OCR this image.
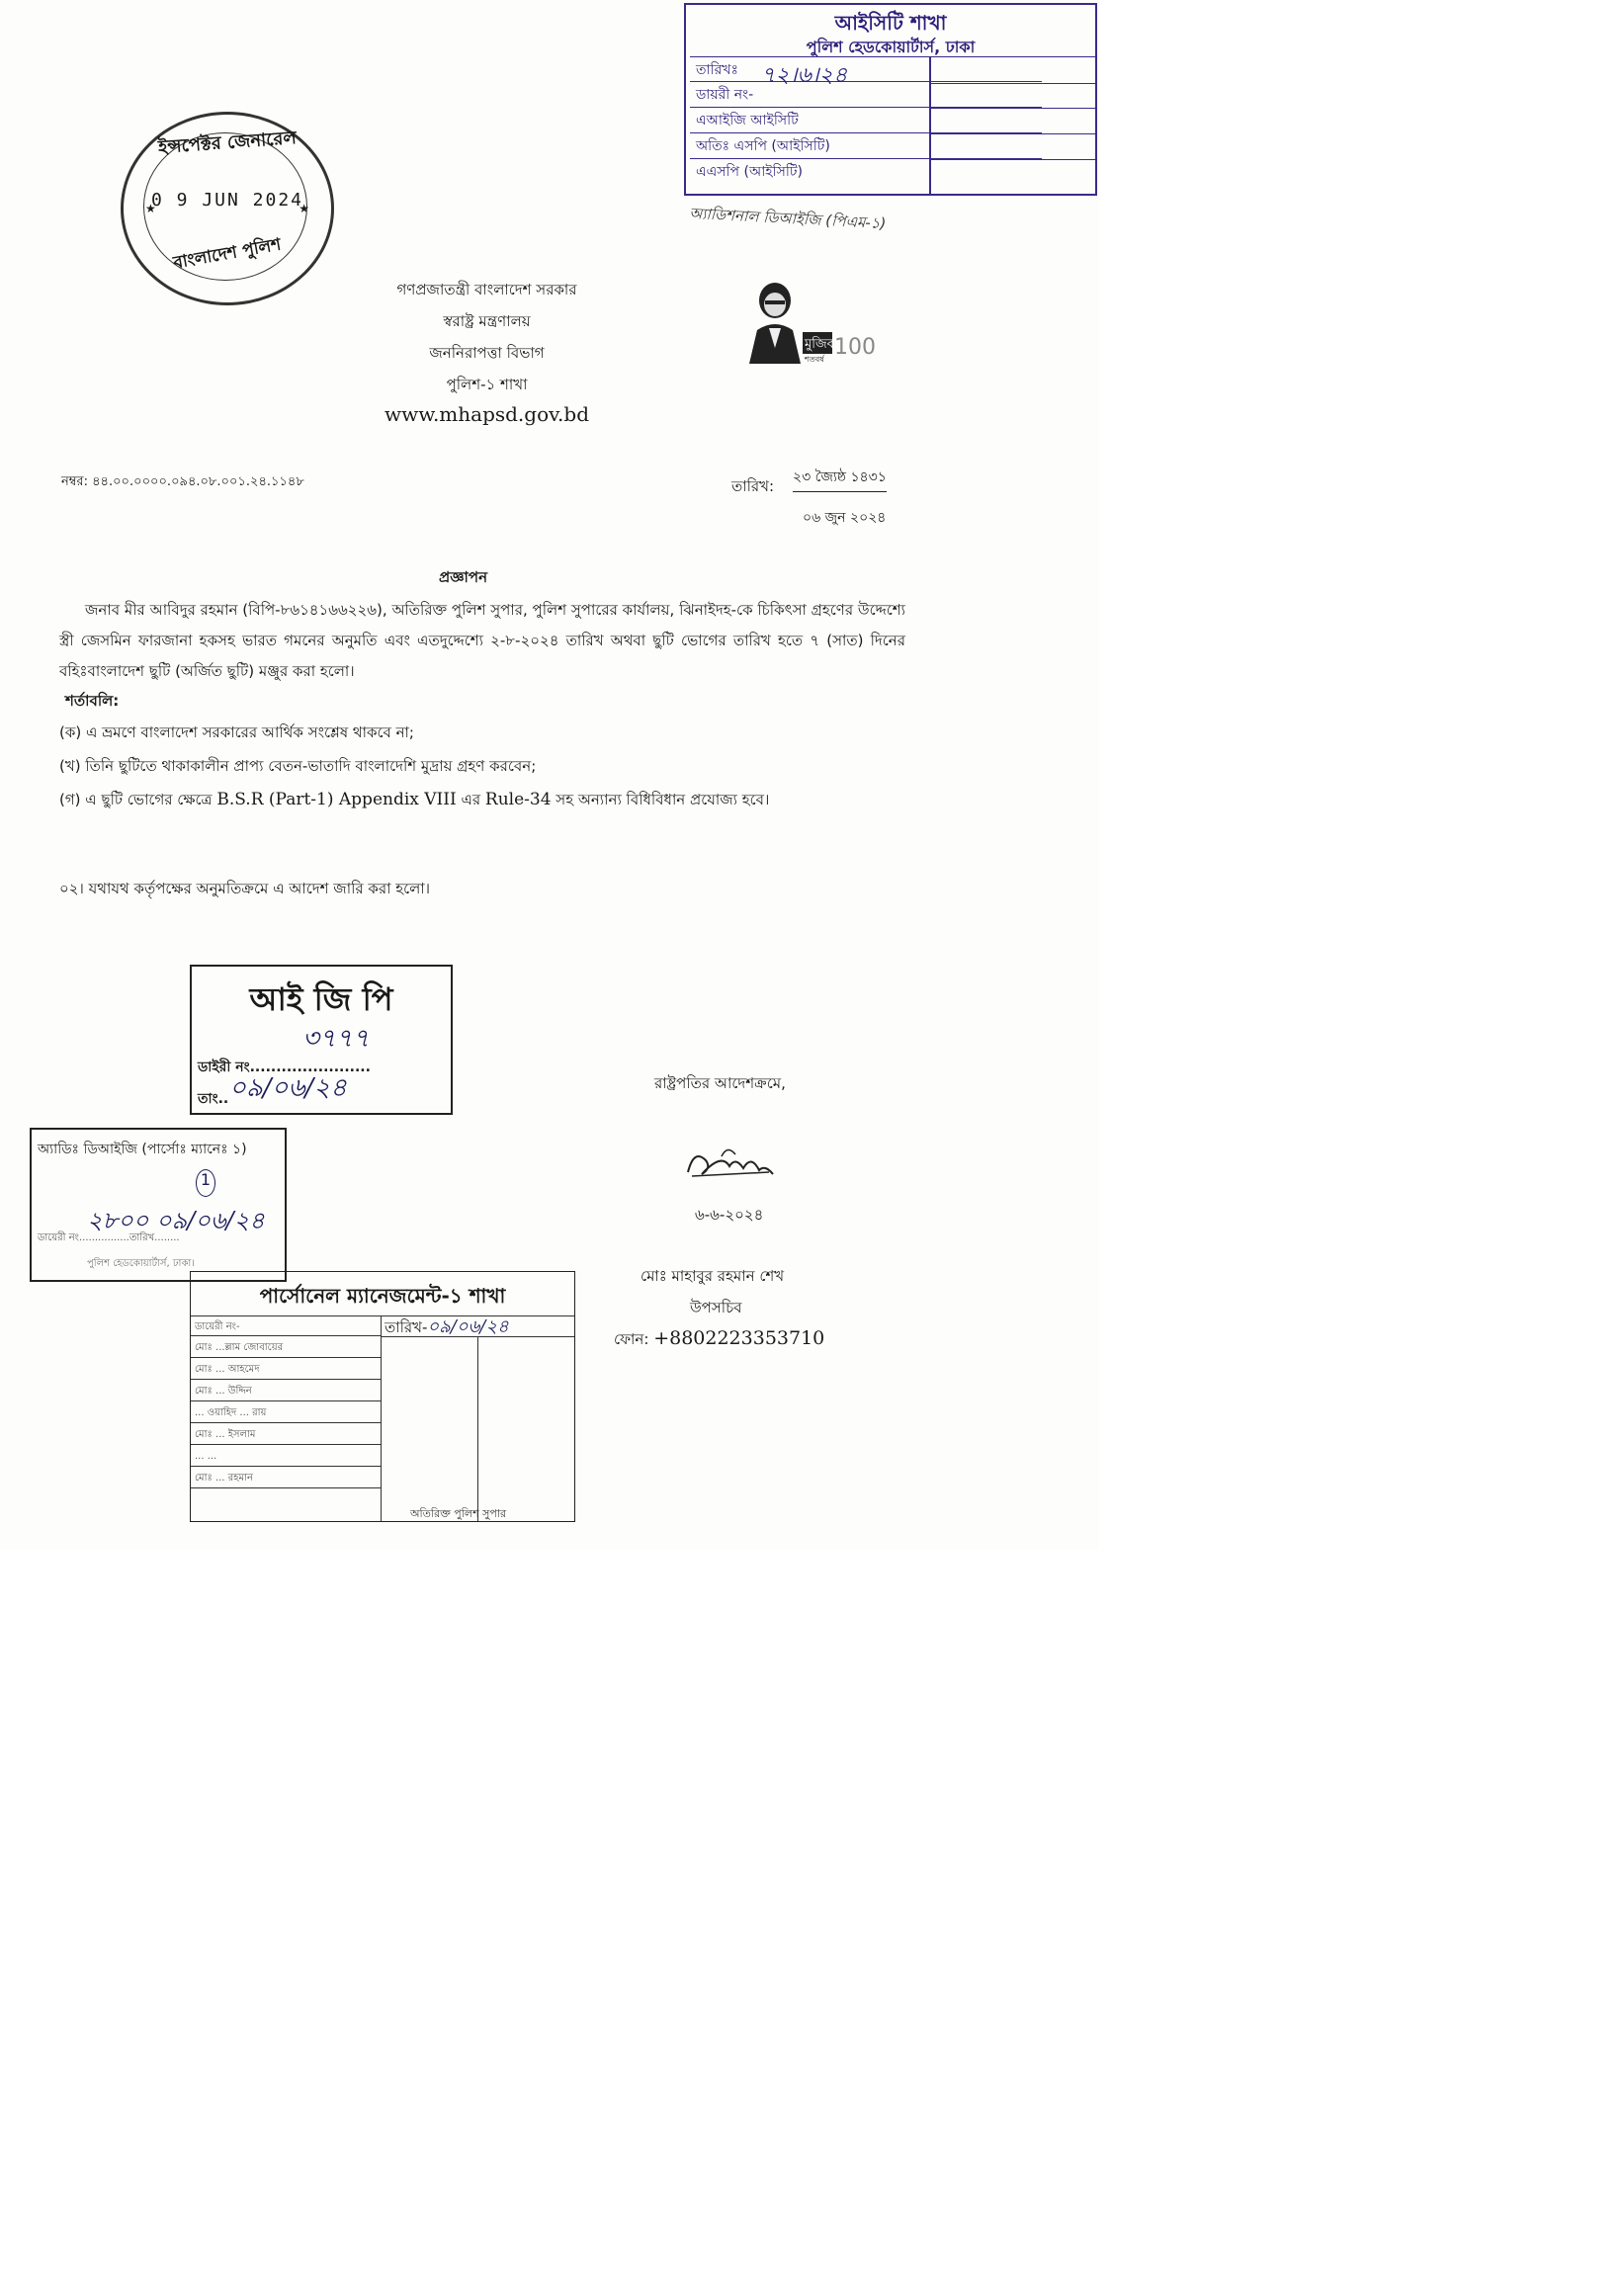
আইসিটি শাখা
পুলিশ হেডকোয়ার্টার্স, ঢাকা
তারিখঃ	৭২।৬।২৪
ডায়রী নং-
এআইজি আইসিটি
অতিঃ এসপি (আইসিটি)
এএসপি (আইসিটি)
ইন্সপেক্টর জেনারেল
★	★
0 9 JUN 2024
বাংলাদেশ পুলিশ
অ্যাডিশনাল ডিআইজি (পিএম-১)
গণপ্রজাতন্ত্রী বাংলাদেশ সরকার
স্বরাষ্ট্র মন্ত্রণালয়
জননিরাপত্তা বিভাগ
পুলিশ-১ শাখা
www.mhapsd.gov.bd
মুজিব
শতবর্ষ 100
নম্বর: ৪৪.০০.০০০০.০৯৪.০৮.০০১.২৪.১১৪৮	তারিখ: ২৩ জ্যৈষ্ঠ ১৪৩১
০৬ জুন ২০২৪
প্রজ্ঞাপন
জনাব মীর আবিদুর রহমান (বিপি-৮৬১৪১৬৬২২৬), অতিরিক্ত পুলিশ সুপার, পুলিশ সুপারের কার্যালয়, ঝিনাইদহ-কে চিকিৎসা গ্রহণের উদ্দেশ্যে স্ত্রী জেসমিন ফারজানা হকসহ ভারত গমনের অনুমতি এবং এতদুদ্দেশ্যে ২-৮-২০২৪ তারিখ অথবা ছুটি ভোগের তারিখ হতে ৭ (সাত) দিনের বহিঃবাংলাদেশ ছুটি (অর্জিত ছুটি) মঞ্জুর করা হলো।
শর্তাবলি:
(ক) এ ভ্রমণে বাংলাদেশ সরকারের আর্থিক সংশ্লেষ থাকবে না;
(খ) তিনি ছুটিতে থাকাকালীন প্রাপ্য বেতন-ভাতাদি বাংলাদেশি মুদ্রায় গ্রহণ করবেন;
(গ) এ ছুটি ভোগের ক্ষেত্রে B.S.R (Part-1) Appendix VIII এর Rule-34 সহ অন্যান্য বিধিবিধান প্রযোজ্য হবে।
০২। যথাযথ কর্তৃপক্ষের অনুমতিক্রমে এ আদেশ জারি করা হলো।
আই জি পি
৩৭৭৭
ডাইরী নং.......................
তাং.. ০৯/০৬/২৪	রাষ্ট্রপতির আদেশক্রমে,
৬-৬-২০২৪
মোঃ মাহাবুর রহমান শেখ
উপসচিব
ফোন: +8802223353710
অ্যাডিঃ ডিআইজি (পার্সোঃ ম্যানেঃ ১)
1
২৮০০ ০৯/০৬/২৪
ডায়েরী নং................তারিখ........
পুলিশ হেডকোয়ার্টার্স, ঢাকা।
পার্সোনেল ম্যানেজমেন্ট-১ শাখা
তারিখ-০৯/০৬/২৪
ডায়েরী নং-
মোঃ ...ল্লাম জোবায়ের
মোঃ ... আহমেদ
মোঃ ... উদ্দিন
... ওয়াহিদ ... রায়
মোঃ ... ইসলাম
... ...
মোঃ ... রহমান
অতিরিক্ত পুলিশ সুপার
